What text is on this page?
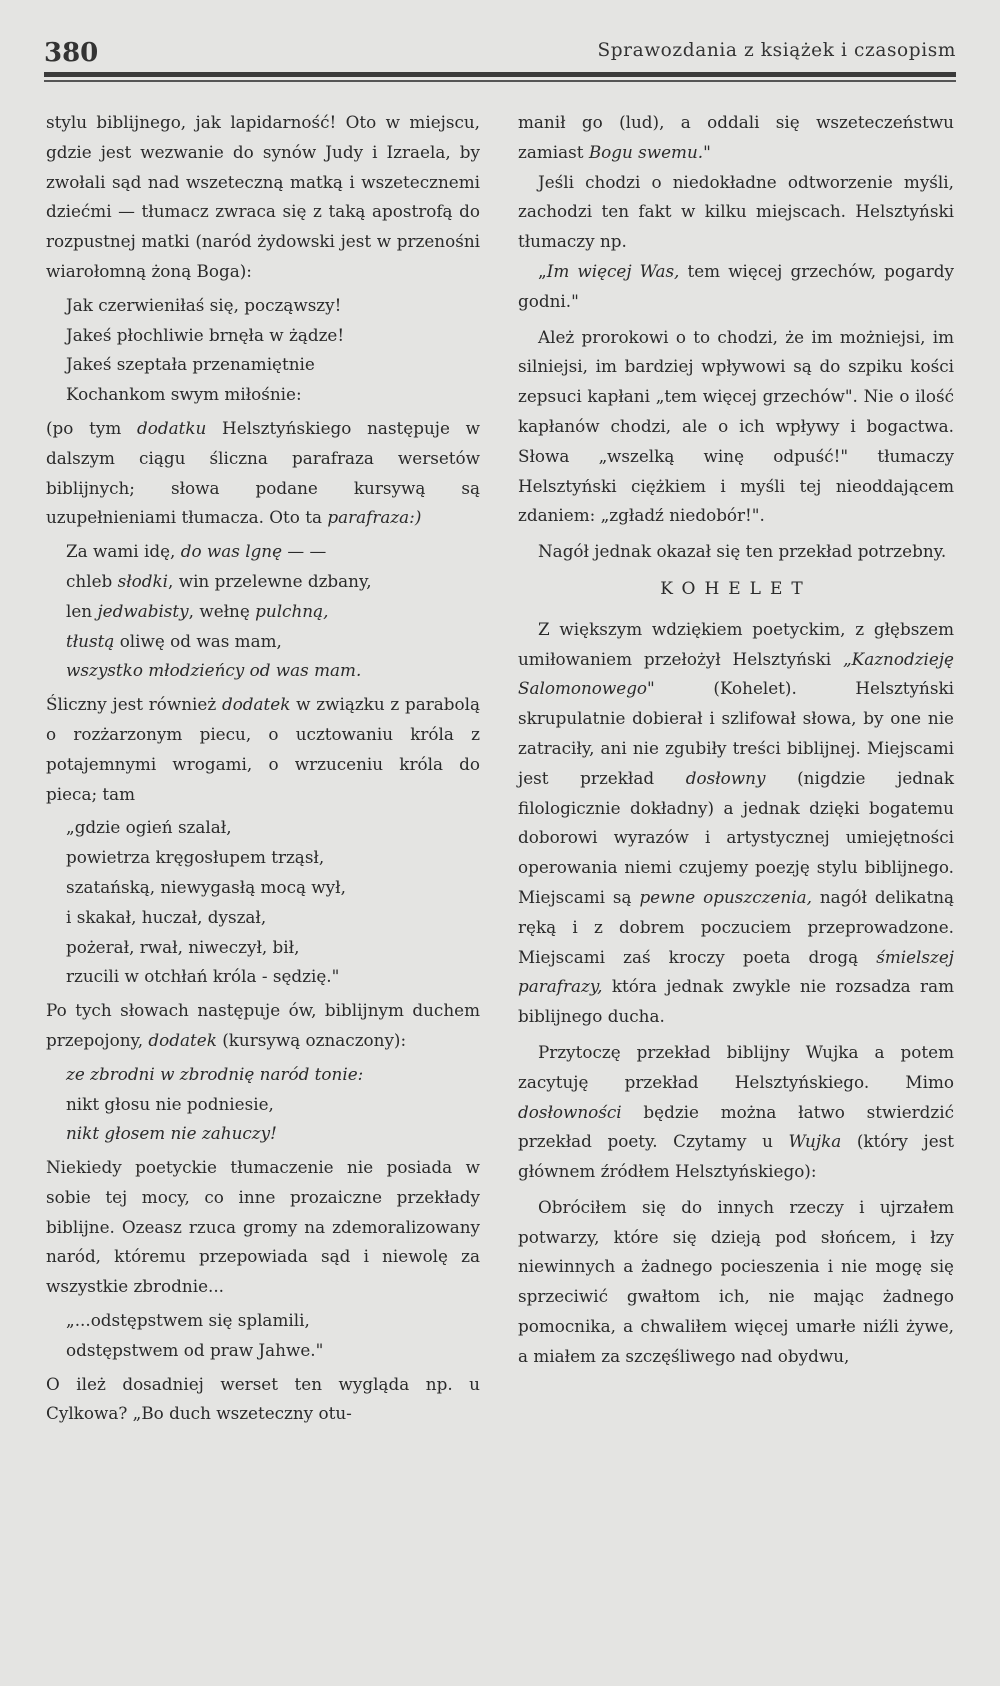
380	Sprawozdania z książek i czasopism

stylu biblijnego, jak lapidarność! Oto w miejscu, gdzie jest wezwanie do synów Judy i Izraela, by zwołali sąd nad wszeteczną matką i wszetecznemi dziećmi — tłumacz zwraca się z taką apostrofą do rozpustnej matki (naród żydowski jest w przenośni wiarołomną żoną Boga):

Jak czerwieniłaś się, począwszy!
Jakeś płochliwie brnęła w żądze!
Jakeś szeptała przenamiętnie
Kochankom swym miłośnie:

(po tym dodatku Helsztyńskiego następuje w dalszym ciągu śliczna parafraza wersetów biblijnych; słowa podane kursywą są uzupełnieniami tłumacza. Oto ta parafraza:)

Za wami idę, do was lgnę — —
chleb słodki, win przelewne dzbany,
len jedwabisty, wełnę pulchną,
tłustą oliwę od was mam,
wszystko młodzieńcy od was mam.

Śliczny jest również dodatek w związku z parabolą o rozżarzonym piecu, o ucztowaniu króla z potajemnymi wrogami, o wrzuceniu króla do pieca; tam

„gdzie ogień szalał,
powietrza kręgosłupem trząsł,
szatańską, niewygasłą mocą wył,
i skakał, huczał, dyszał,
pożerał, rwał, niweczył, bił,
rzucili w otchłań króla - sędzię."

Po tych słowach następuje ów, biblijnym duchem przepojony, dodatek (kursywą oznaczony):

ze zbrodni w zbrodnię naród tonie:
nikt głosu nie podniesie,
nikt głosem nie zahuczy!

Niekiedy poetyckie tłumaczenie nie posiada w sobie tej mocy, co inne prozaiczne przekłady biblijne. Ozeasz rzuca gromy na zdemoralizowany naród, któremu przepowiada sąd i niewolę za wszystkie zbrodnie...

„...odstępstwem się splamili,
odstępstwem od praw Jahwe."

O ileż dosadniej werset ten wygląda np. u Cylkowa? „Bo duch wszeteczny otu-

manił go (lud), a oddali się wszeteczeństwu zamiast Bogu swemu."

Jeśli chodzi o niedokładne odtworzenie myśli, zachodzi ten fakt w kilku miejscach. Helsztyński tłumaczy np.

„Im więcej Was, tem więcej grzechów, pogardy godni."

Ależ prorokowi o to chodzi, że im możniejsi, im silniejsi, im bardziej wpływowi są do szpiku kości zepsuci kapłani „tem więcej grzechów". Nie o ilość kapłanów chodzi, ale o ich wpływy i bogactwa. Słowa „wszelką winę odpuść!" tłumaczy Helsztyński ciężkiem i myśli tej nieoddającem zdaniem: „zgładź niedobór!".

Nagół jednak okazał się ten przekład potrzebny.

KOHELET

Z większym wdziękiem poetyckim, z głębszem umiłowaniem przełożył Helsztyński „Kaznodzieję Salomonowego" (Kohelet). Helsztyński skrupulatnie dobierał i szlifował słowa, by one nie zatraciły, ani nie zgubiły treści biblijnej. Miejscami jest przekład dosłowny (nigdzie jednak filologicznie dokładny) a jednak dzięki bogatemu doborowi wyrazów i artystycznej umiejętności operowania niemi czujemy poezję stylu biblijnego. Miejscami są pewne opuszczenia, nagół delikatną ręką i z dobrem poczuciem przeprowadzone. Miejscami zaś kroczy poeta drogą śmielszej parafrazy, która jednak zwykle nie rozsadza ram biblijnego ducha.

Przytoczę przekład biblijny Wujka a potem zacytuję przekład Helsztyńskiego. Mimo dosłowności będzie można łatwo stwierdzić przekład poety. Czytamy u Wujka (który jest głównem źródłem Helsztyńskiego):

Obróciłem się do innych rzeczy i ujrzałem potwarzy, które się dzieją pod słońcem, i łzy niewinnych a żadnego pocieszenia i nie mogę się sprzeciwić gwałtom ich, nie mając żadnego pomocnika, a chwaliłem więcej umarłe niźli żywe, a miałem za szczęśliwego nad obydwu,
